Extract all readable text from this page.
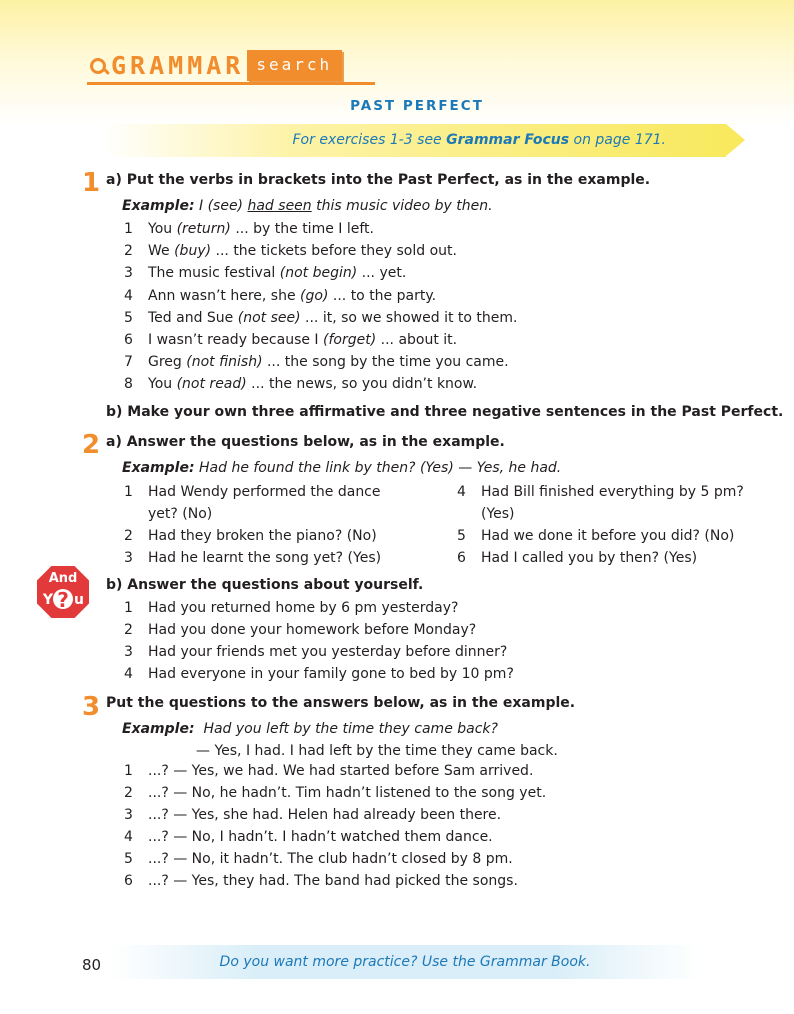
GRAMMAR search
PAST PERFECT
For exercises 1-3 see Grammar Focus on page 171.
1 a) Put the verbs in brackets into the Past Perfect, as in the example.
Example: I (see) had seen this music video by then.
1 You (return) ... by the time I left.
2 We (buy) ... the tickets before they sold out.
3 The music festival (not begin) ... yet.
4 Ann wasn’t here, she (go) ... to the party.
5 Ted and Sue (not see) ... it, so we showed it to them.
6 I wasn’t ready because I (forget) ... about it.
7 Greg (not finish) ... the song by the time you came.
8 You (not read) ... the news, so you didn’t know.
b) Make your own three affirmative and three negative sentences in the Past Perfect.
2 a) Answer the questions below, as in the example.
Example: Had he found the link by then? (Yes) — Yes, he had.
1 Had Wendy performed the dance yet? (No)
2 Had they broken the piano? (No)
3 Had he learnt the song yet? (Yes)
4 Had Bill finished everything by 5 pm? (Yes)
5 Had we done it before you did? (No)
6 Had I called you by then? (Yes)
And
Y ? u
b) Answer the questions about yourself.
1 Had you returned home by 6 pm yesterday?
2 Had you done your homework before Monday?
3 Had your friends met you yesterday before dinner?
4 Had everyone in your family gone to bed by 10 pm?
3 Put the questions to the answers below, as in the example.
Example: Had you left by the time they came back?
— Yes, I had. I had left by the time they came back.
1 ...? — Yes, we had. We had started before Sam arrived.
2 ...? — No, he hadn’t. Tim hadn’t listened to the song yet.
3 ...? — Yes, she had. Helen had already been there.
4 ...? — No, I hadn’t. I hadn’t watched them dance.
5 ...? — No, it hadn’t. The club hadn’t closed by 8 pm.
6 ...? — Yes, they had. The band had picked the songs.
80	Do you want more practice? Use the Grammar Book.
